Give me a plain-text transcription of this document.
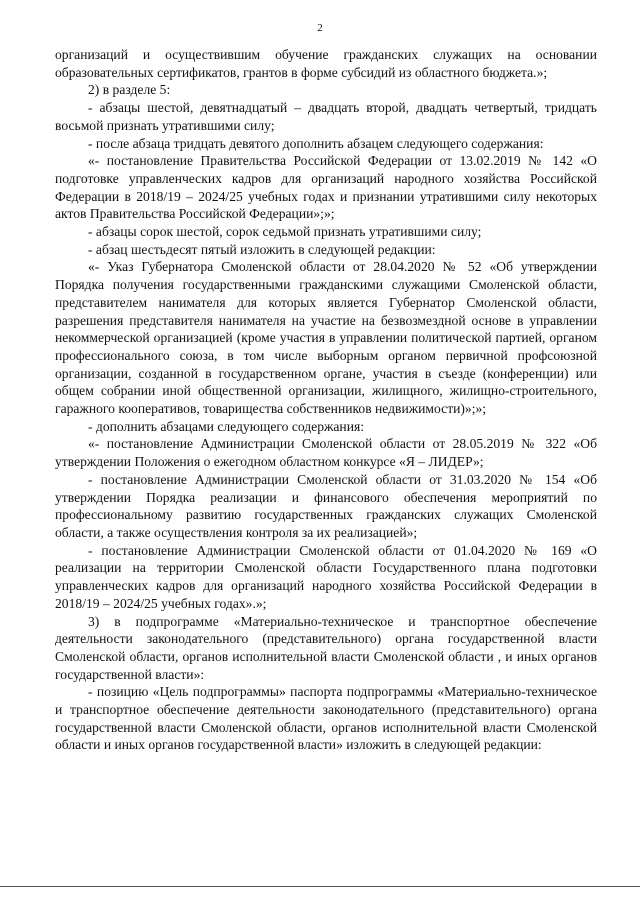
2

организаций и осуществившим обучение гражданских служащих на основании образовательных сертификатов, грантов в форме субсидий из областного бюджета.»;

2) в разделе 5:

- абзацы шестой, девятнадцатый – двадцать второй, двадцать четвертый, тридцать восьмой признать утратившими силу;

- после абзаца тридцать девятого дополнить абзацем следующего содержания:

«- постановление Правительства Российской Федерации от 13.02.2019 № 142 «О подготовке управленческих кадров для организаций народного хозяйства Российской Федерации в 2018/19 – 2024/25 учебных годах и признании утратившими силу некоторых актов Правительства Российской Федерации»;»;

- абзацы сорок шестой, сорок седьмой признать утратившими силу;

- абзац шестьдесят пятый изложить в следующей редакции:

«- Указ Губернатора Смоленской области от 28.04.2020 № 52 «Об утверждении Порядка получения государственными гражданскими служащими Смоленской области, представителем нанимателя для которых является Губернатор Смоленской области, разрешения представителя нанимателя на участие на безвозмездной основе в управлении некоммерческой организацией (кроме участия в управлении политической партией, органом профессионального союза, в том числе выборным органом первичной профсоюзной организации, созданной в государственном органе, участия в съезде (конференции) или общем собрании иной общественной организации, жилищного, жилищно-строительного, гаражного кооперативов, товарищества собственников недвижимости)»;»;

- дополнить абзацами следующего содержания:

«- постановление Администрации Смоленской области от 28.05.2019 № 322 «Об утверждении Положения о ежегодном областном конкурсе «Я – ЛИДЕР»;

- постановление Администрации Смоленской области от 31.03.2020 № 154 «Об утверждении Порядка реализации и финансового обеспечения мероприятий по профессиональному развитию государственных гражданских служащих Смоленской области, а также осуществления контроля за их реализацией»;

- постановление Администрации Смоленской области от 01.04.2020 № 169 «О реализации на территории Смоленской области Государственного плана подготовки управленческих кадров для организаций народного хозяйства Российской Федерации в 2018/19 – 2024/25 учебных годах».»;

3) в подпрограмме «Материально-техническое и транспортное обеспечение деятельности законодательного (представительного) органа государственной власти Смоленской области, органов исполнительной власти Смоленской области , и иных органов государственной власти»:

- позицию «Цель подпрограммы» паспорта подпрограммы «Материально-техническое и транспортное обеспечение деятельности законодательного (представительного) органа государственной власти Смоленской области, органов исполнительной власти Смоленской области и иных органов государственной власти» изложить в следующей редакции:
